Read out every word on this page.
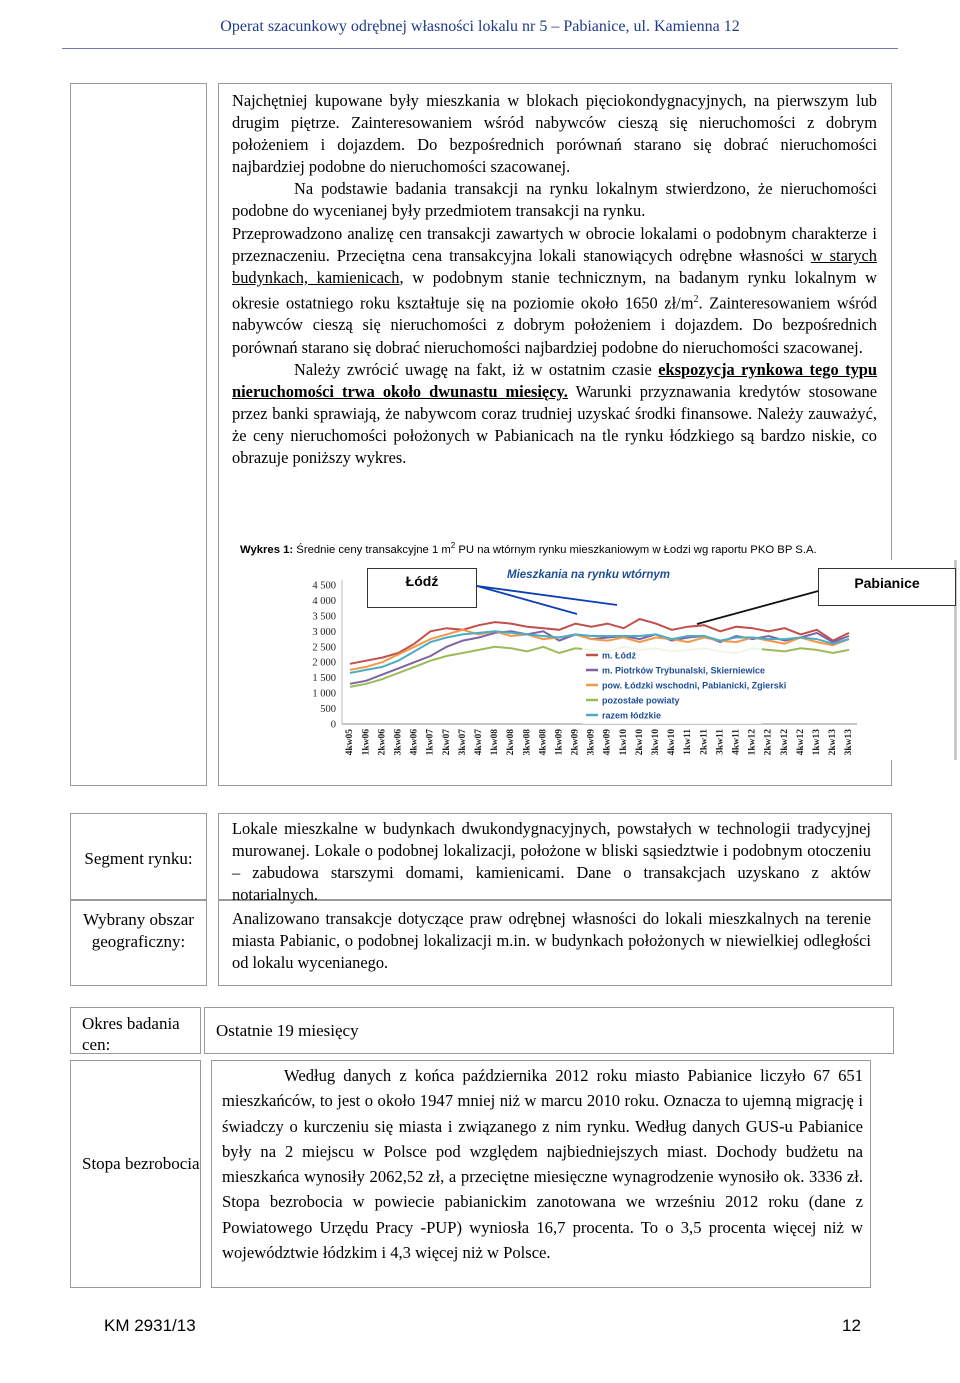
Operat szacunkowy odrębnej własności lokalu nr 5 – Pabianice, ul. Kamienna 12

Najchętniej kupowane były mieszkania w blokach pięciokondygnacyjnych, na pierwszym lub drugim piętrze. Zainteresowaniem wśród nabywców cieszą się nieruchomości z dobrym położeniem i dojazdem. Do bezpośrednich porównań starano się dobrać nieruchomości najbardziej podobne do nieruchomości szacowanej.

Na podstawie badania transakcji na rynku lokalnym stwierdzono, że nieruchomości podobne do wycenianej były przedmiotem transakcji na rynku.

Przeprowadzono analizę cen transakcji zawartych w obrocie lokalami o podobnym charakterze i przeznaczeniu. Przeciętna cena transakcyjna lokali stanowiących odrębne własności w starych budynkach, kamienicach, w podobnym stanie technicznym, na badanym rynku lokalnym w okresie ostatniego roku kształtuje się na poziomie około 1650 $zł/m^2$. Zainteresowaniem wśród nabywców cieszą się nieruchomości z dobrym położeniem i dojazdem. Do bezpośrednich porównań starano się dobrać nieruchomości najbardziej podobne do nieruchomości szacowanej.

Należy zwrócić uwagę na fakt, iż w ostatnim czasie ekspozycja rynkowa tego typu nieruchomości trwa około dwunastu miesięcy. Warunki przyznawania kredytów stosowane przez banki sprawiają, że nabywcom coraz trudniej uzyskać środki finansowe. Należy zauważyć, że ceny nieruchomości położonych w Pabianicach na tle rynku łódzkiego są bardzo niskie, co obrazuje poniższy wykres.

Wykres 1: Średnie ceny transakcyjne 1 $m^2$ PU na wtórnym rynku mieszkaniowym w Łodzi wg raportu PKO BP S.A.
0
500
1 000
1 500
2 000
2 500
3 000
3 500
4 000
4 500
4kw05 1kw06 2kw06 3kw06 4kw06 1kw07 2kw07 3kw07 4kw07 1kw08 2kw08 3kw08 4kw08 1kw09 2kw09 3kw09 4kw09 1kw10 2kw10 3kw10 4kw10 1kw11 2kw11 3kw11 4kw11 1kw12 2kw12 3kw12 4kw12 1kw13 2kw13 3kw13
Mieszkania na rynku wtórnym
m. Łódź
m. Piotrków Trybunalski, Skierniewice
pow. Łódzki wschodni, Pabianicki, Zgierski
pozostałe powiaty
razem łódzkie
Łódź	Pabianice
Segment rynku:
Wybrany obszar geograficzny:

Lokale mieszkalne w budynkach dwukondygnacyjnych, powstałych w technologii tradycyjnej murowanej. Lokale o podobnej lokalizacji, położone w bliski sąsiedztwie i podobnym otoczeniu – zabudowa starszymi domami, kamienicami. Dane o transakcjach uzyskano z aktów notarialnych.

Analizowano transakcje dotyczące praw odrębnej własności do lokali mieszkalnych na terenie miasta Pabianic, o podobnej lokalizacji m.in. w budynkach położonych w niewielkiej odległości od lokalu wycenianego.

Okres badania cen:
Ostatnie 19 miesięcy
Stopa bezrobocia

Według danych z końca października 2012 roku miasto Pabianice liczyło 67 651 mieszkańców, to jest o około 1947 mniej niż w marcu 2010 roku. Oznacza to ujemną migrację i świadczy o kurczeniu się miasta i związanego z nim rynku. Według danych GUS-u Pabianice były na 2 miejscu w Polsce pod względem najbiedniejszych miast. Dochody budżetu na mieszkańca wynosiły 2062,52 zł, a przeciętne miesięczne wynagrodzenie wynosiło ok. 3336 zł. Stopa bezrobocia w powiecie pabianickim zanotowana we wrześniu 2012 roku (dane z Powiatowego Urzędu Pracy -PUP) wyniosła 16,7 procenta. To o 3,5 procenta więcej niż w województwie łódzkim i 4,3 więcej niż w Polsce.

KM 2931/13	12
